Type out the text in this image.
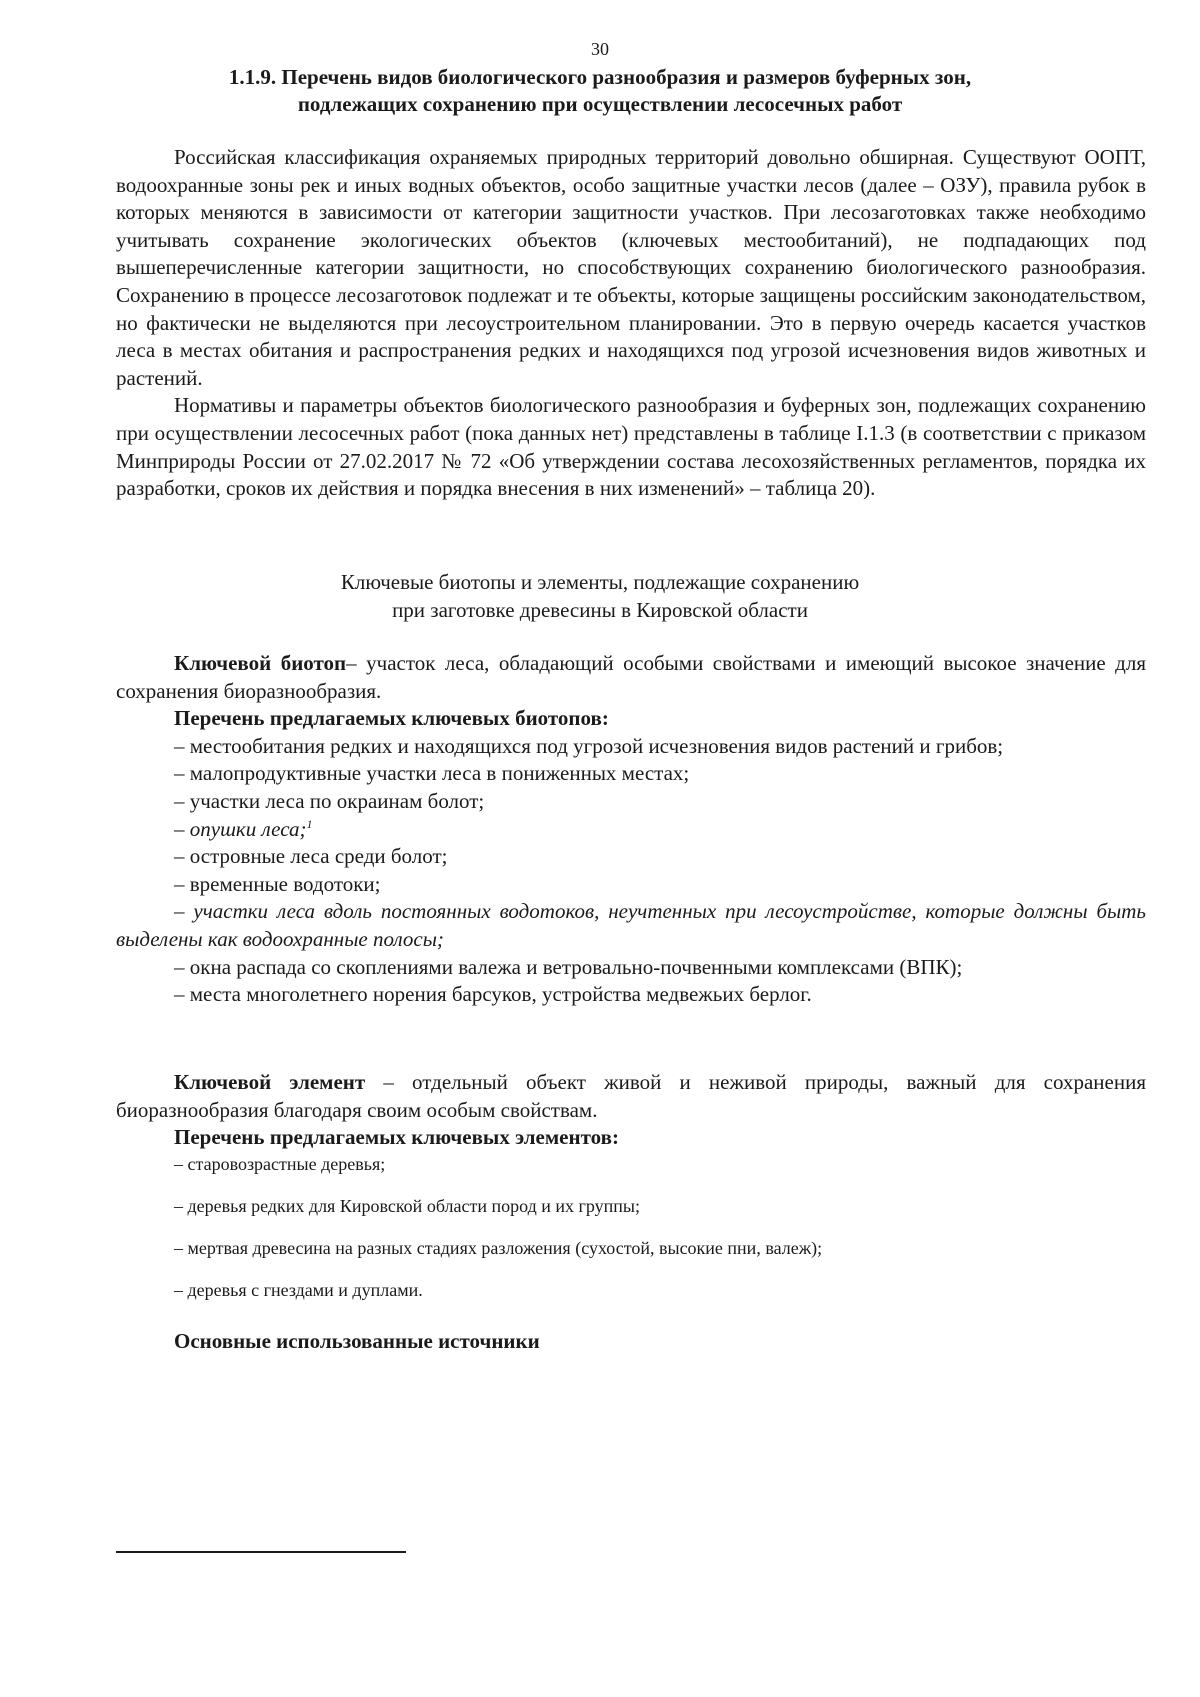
30
1.1.9. Перечень видов биологического разнообразия и размеров буферных зон,
подлежащих сохранению при осуществлении лесосечных работ

Российская классификация охраняемых природных территорий довольно обширная. Существуют ООПТ, водоохранные зоны рек и иных водных объектов, особо защитные участки лесов (далее – ОЗУ), правила рубок в которых меняются в зависимости от категории защитности участков. При лесозаготовках также необходимо учитывать сохранение экологических объектов (ключевых местообитаний), не подпадающих под вышеперечисленные категории защитности, но способствующих сохранению биологического разнообразия. Сохранению в процессе лесозаготовок подлежат и те объекты, которые защищены российским законодательством, но фактически не выделяются при лесоустроительном планировании. Это в первую очередь касается участков леса в местах обитания и распространения редких и находящихся под угрозой исчезновения видов животных и растений.

Нормативы и параметры объектов биологического разнообразия и буферных зон, подлежащих сохранению при осуществлении лесосечных работ (пока данных нет) представлены в таблице I.1.3 (в соответствии с приказом Минприроды России от 27.02.2017 № 72 «Об утверждении состава лесохозяйственных регламентов, порядка их разработки, сроков их действия и порядка внесения в них изменений» – таблица 20).

Ключевые биотопы и элементы, подлежащие сохранению
при заготовке древесины в Кировской области

Ключевой биотоп– участок леса, обладающий особыми свойствами и имеющий высокое значение для сохранения биоразнообразия.

Перечень предлагаемых ключевых биотопов:

– местообитания редких и находящихся под угрозой исчезновения видов растений и грибов;

– малопродуктивные участки леса в пониженных местах;

– участки леса по окраинам болот;

– опушки леса;$^1$

– островные леса среди болот;

– временные водотоки;

– участки леса вдоль постоянных водотоков, неучтенных при лесоустройстве, которые должны быть выделены как водоохранные полосы;

– окна распада со скоплениями валежа и ветровально-почвенными комплексами (ВПК);

– места многолетнего норения барсуков, устройства медвежьих берлог.

Ключевой элемент – отдельный объект живой и неживой природы, важный для сохранения биоразнообразия благодаря своим особым свойствам.

Перечень предлагаемых ключевых элементов:

– старовозрастные деревья;

– деревья редких для Кировской области пород и их группы;

– мертвая древесина на разных стадиях разложения (сухостой, высокие пни, валеж);

– деревья с гнездами и дуплами.

Основные использованные источники
